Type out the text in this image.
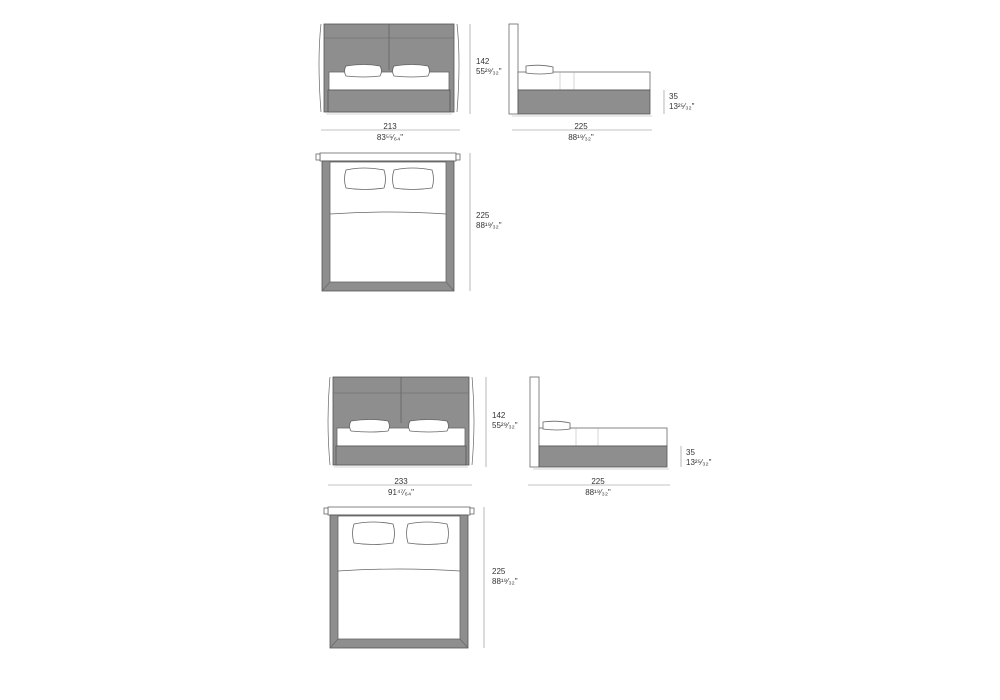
142
55²⁹⁄₃₂"
213
83⁵⁵⁄₆₄"
225
88¹⁹⁄₃₂"
35
13²⁵⁄₃₂"
225
88¹⁹⁄₃₂"
142
55²⁹⁄₃₂"
233
91⁴⁷⁄₆₄"
225
88¹⁹⁄₃₂"
35
13²⁵⁄₃₂"
225
88¹⁹⁄₃₂"
